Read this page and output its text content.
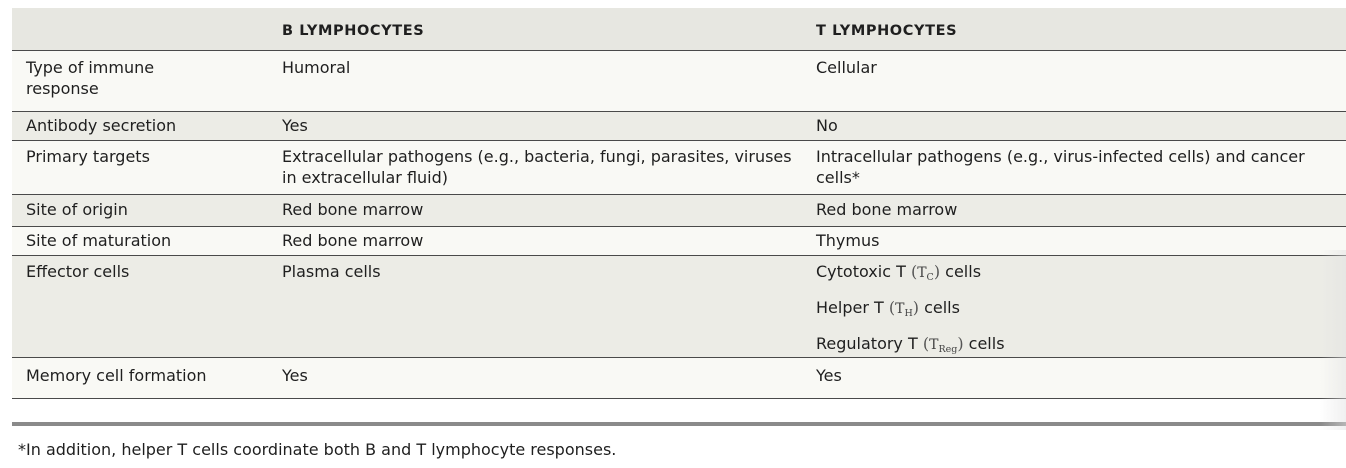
	B LYMPHOCYTES	T LYMPHOCYTES

Type of immune response	Humoral	Cellular
Antibody secretion	Yes	No
Primary targets	Extracellular pathogens (e.g., bacteria, fungi, parasites, viruses in extracellular fluid)	Intracellular pathogens (e.g., virus-infected cells) and cancer cells*

Site of origin	Red bone marrow	Red bone marrow
Site of maturation	Red bone marrow	Thymus
Effector cells	Plasma cells	Cytotoxic T $(T_C)$ cells
Helper T $(T_H)$ cells
Regulatory T $(T_{Reg})$ cells

Memory cell formation	Yes	Yes
*In addition, helper T cells coordinate both B and T lymphocyte responses.
